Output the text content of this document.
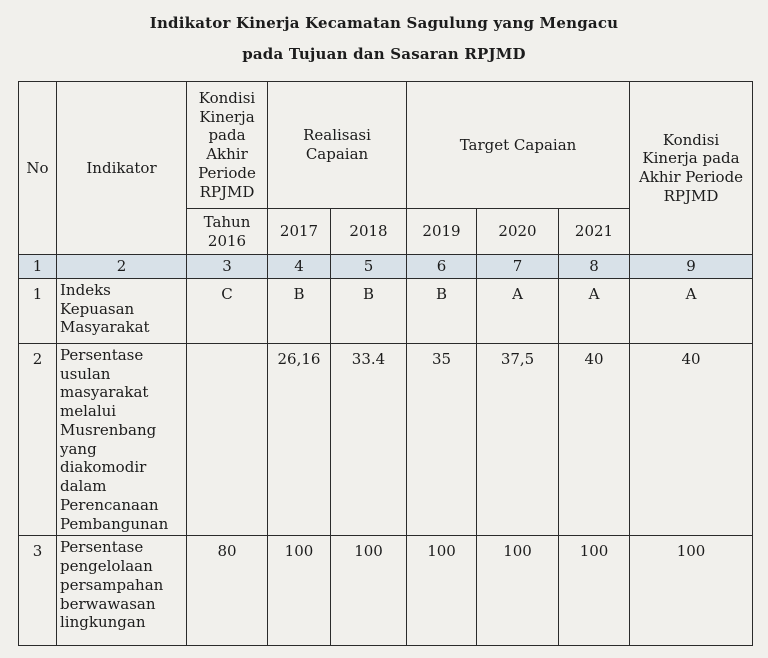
Indikator Kinerja Kecamatan Sagulung yang Mengacu
pada Tujuan dan Sasaran RPJMD
No	Indikator	Kondisi Kinerja pada Akhir Periode RPJMD	Realisasi Capaian		Target Capaian			Kondisi Kinerja pada Akhir Periode RPJMD
		Tahun 2016	2017	2018	2019	2020	2021	
1	2	3	4	5	6	7	8	9
1	Indeks Kepuasan Masyarakat	C	B	B	B	A	A	A
2	Persentase usulan masyarakat melalui Musrenbang yang diakomodir dalam Perencanaan Pembangunan		26,16	33.4	35	37,5	40	40
3	Persentase pengelolaan persampahan berwawasan lingkungan	80	100	100	100	100	100	100
